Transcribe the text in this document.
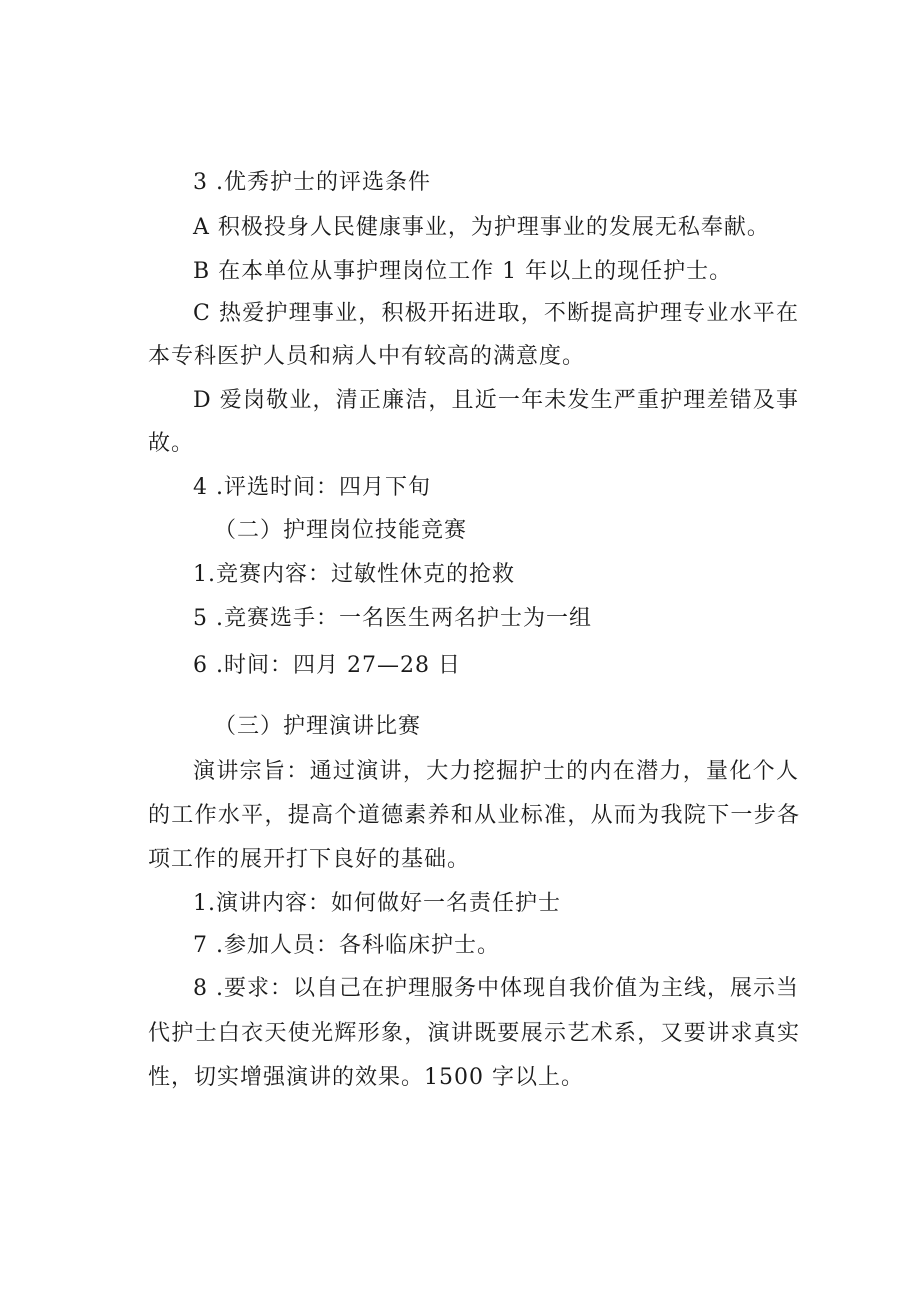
3 .优秀护士的评选条件
A 积极投身人民健康事业，为护理事业的发展无私奉献。
B 在本单位从事护理岗位工作 1 年以上的现任护士。
C 热爱护理事业，积极开拓进取，不断提高护理专业水平在
本专科医护人员和病人中有较高的满意度。
D 爱岗敬业，清正廉洁，且近一年未发生严重护理差错及事
故。
4 .评选时间：四月下旬
（二）护理岗位技能竞赛
1.竞赛内容：过敏性休克的抢救
5 .竞赛选手：一名医生两名护士为一组
6 .时间：四月 27—28 日
（三）护理演讲比赛
演讲宗旨：通过演讲，大力挖掘护士的内在潜力，量化个人
的工作水平，提高个道德素养和从业标准，从而为我院下一步各
项工作的展开打下良好的基础。
1.演讲内容：如何做好一名责任护士
7 .参加人员：各科临床护士。
8 .要求：以自己在护理服务中体现自我价值为主线，展示当
代护士白衣天使光辉形象，演讲既要展示艺术系，又要讲求真实
性，切实增强演讲的效果。1500 字以上。
